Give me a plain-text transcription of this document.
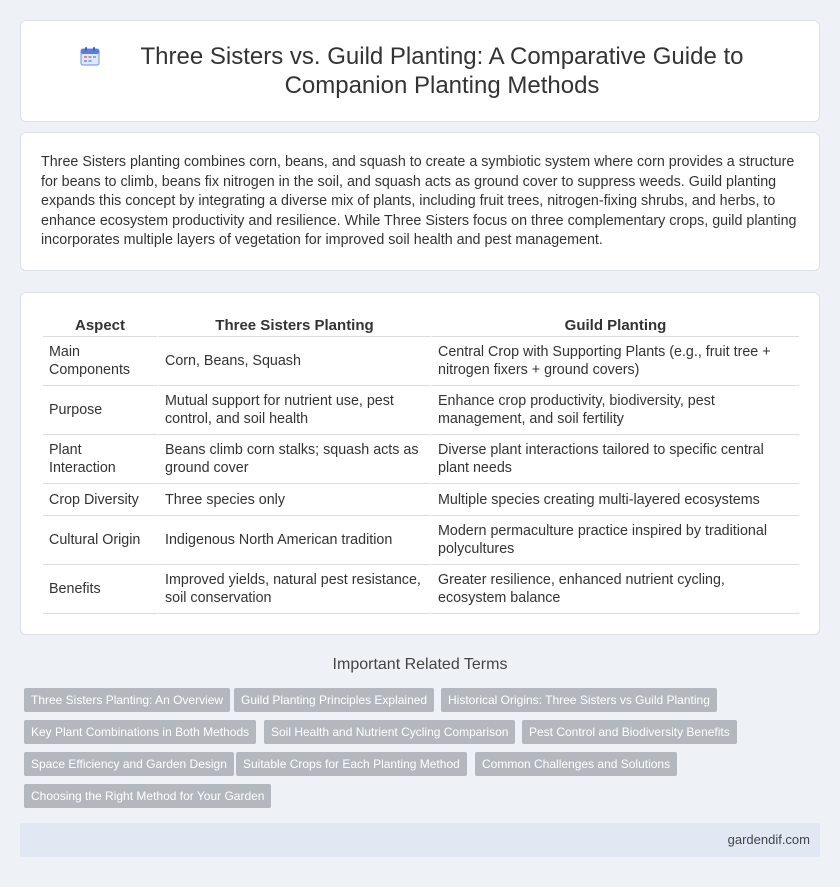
Three Sisters vs. Guild Planting: A Comparative Guide to Companion Planting Methods

Three Sisters planting combines corn, beans, and squash to create a symbiotic system where corn provides a structure for beans to climb, beans fix nitrogen in the soil, and squash acts as ground cover to suppress weeds. Guild planting expands this concept by integrating a diverse mix of plants, including fruit trees, nitrogen-fixing shrubs, and herbs, to enhance ecosystem productivity and resilience. While Three Sisters focus on three complementary crops, guild planting incorporates multiple layers of vegetation for improved soil health and pest management.

Aspect	Three Sisters Planting	Guild Planting
Main Components	Corn, Beans, Squash	Central Crop with Supporting Plants (e.g., fruit tree + nitrogen fixers + ground covers)
Purpose	Mutual support for nutrient use, pest control, and soil health	Enhance crop productivity, biodiversity, pest management, and soil fertility
Plant Interaction	Beans climb corn stalks; squash acts as ground cover	Diverse plant interactions tailored to specific central plant needs
Crop Diversity	Three species only	Multiple species creating multi-layered ecosystems
Cultural Origin	Indigenous North American tradition	Modern permaculture practice inspired by traditional polycultures
Benefits	Improved yields, natural pest resistance, soil conservation	Greater resilience, enhanced nutrient cycling, ecosystem balance
Important Related Terms
Three Sisters Planting: An Overview	Guild Planting Principles Explained	Historical Origins: Three Sisters vs Guild Planting
Key Plant Combinations in Both Methods	Soil Health and Nutrient Cycling Comparison	Pest Control and Biodiversity Benefits
Space Efficiency and Garden Design	Suitable Crops for Each Planting Method	Common Challenges and Solutions
Choosing the Right Method for Your Garden
gardendif.com
